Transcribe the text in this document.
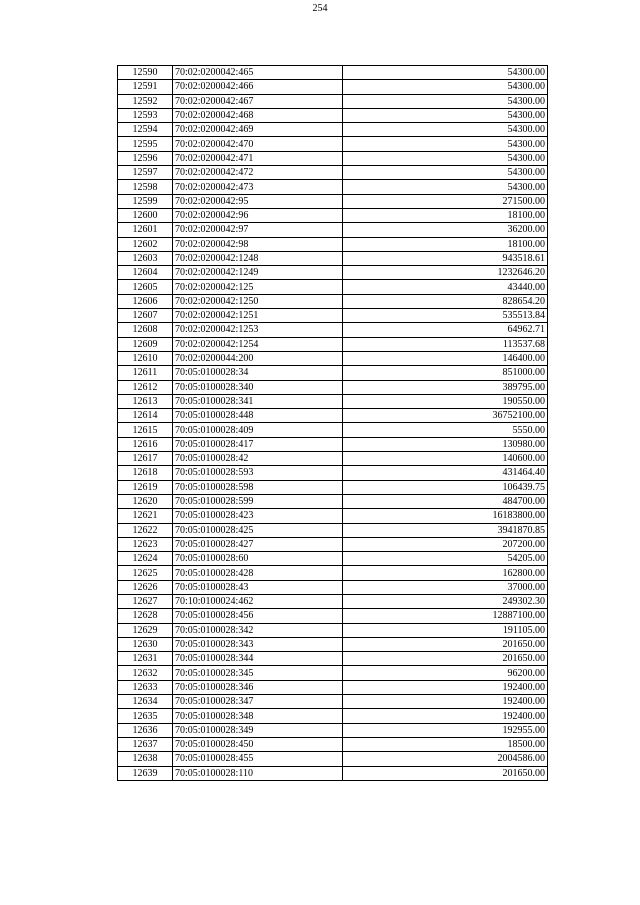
254
12590	70:02:0200042:465	54300.00
12591	70:02:0200042:466	54300.00
12592	70:02:0200042:467	54300.00
12593	70:02:0200042:468	54300.00
12594	70:02:0200042:469	54300.00
12595	70:02:0200042:470	54300.00
12596	70:02:0200042:471	54300.00
12597	70:02:0200042:472	54300.00
12598	70:02:0200042:473	54300.00
12599	70:02:0200042:95	271500.00
12600	70:02:0200042:96	18100.00
12601	70:02:0200042:97	36200.00
12602	70:02:0200042:98	18100.00
12603	70:02:0200042:1248	943518.61
12604	70:02:0200042:1249	1232646.20
12605	70:02:0200042:125	43440.00
12606	70:02:0200042:1250	828654.20
12607	70:02:0200042:1251	535513.84
12608	70:02:0200042:1253	64962.71
12609	70:02:0200042:1254	113537.68
12610	70:02:0200044:200	146400.00
12611	70:05:0100028:34	851000.00
12612	70:05:0100028:340	389795.00
12613	70:05:0100028:341	190550.00
12614	70:05:0100028:448	36752100.00
12615	70:05:0100028:409	5550.00
12616	70:05:0100028:417	130980.00
12617	70:05:0100028:42	140600.00
12618	70:05:0100028:593	431464.40
12619	70:05:0100028:598	106439.75
12620	70:05:0100028:599	484700.00
12621	70:05:0100028:423	16183800.00
12622	70:05:0100028:425	3941870.85
12623	70:05:0100028:427	207200.00
12624	70:05:0100028:60	54205.00
12625	70:05:0100028:428	162800.00
12626	70:05:0100028:43	37000.00
12627	70:10:0100024:462	249302.30
12628	70:05:0100028:456	12887100.00
12629	70:05:0100028:342	191105.00
12630	70:05:0100028:343	201650.00
12631	70:05:0100028:344	201650.00
12632	70:05:0100028:345	96200.00
12633	70:05:0100028:346	192400.00
12634	70:05:0100028:347	192400.00
12635	70:05:0100028:348	192400.00
12636	70:05:0100028:349	192955.00
12637	70:05:0100028:450	18500.00
12638	70:05:0100028:455	2004586.00
12639	70:05:0100028:110	201650.00
